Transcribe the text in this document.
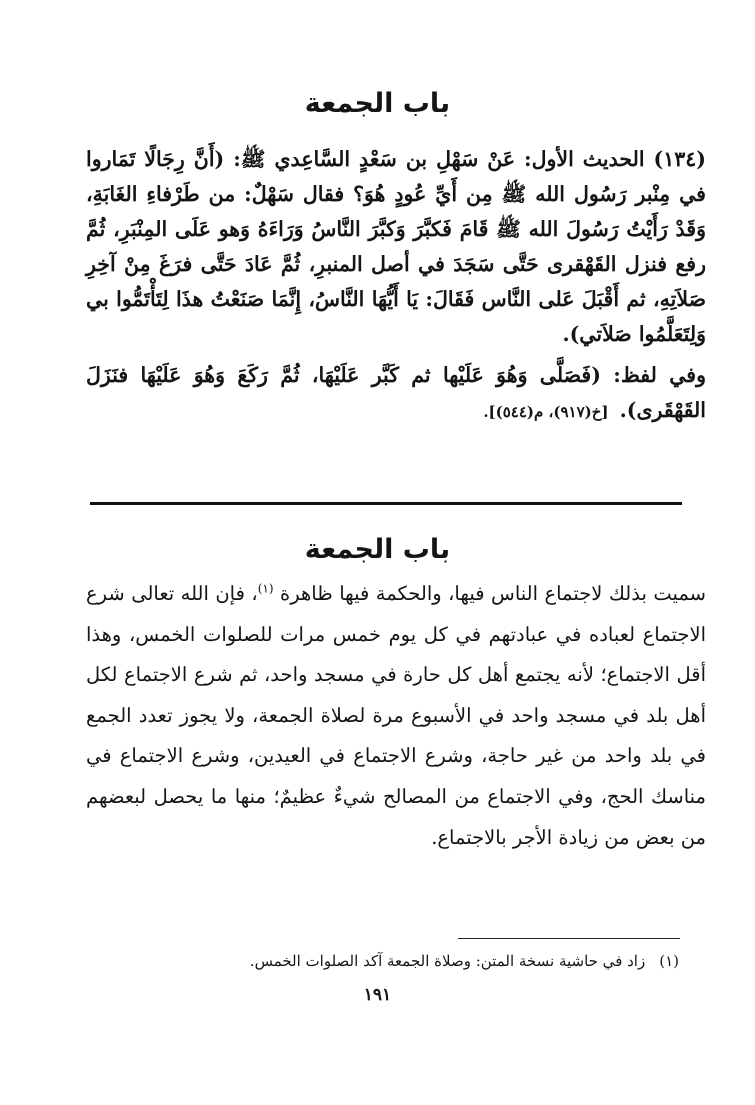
باب الجمعة

(١٣٤) الحديث الأول: عَنْ سَهْلِ بن سَعْدٍ السَّاعِدي ﷺ: (أَنَّ رِجَالًا تَمَاروا في مِنْبر رَسُول الله ﷺ مِن أَيِّ عُودٍ هُوَ؟ فقال سَهْلٌ: من طَرْفاءِ الغَابَةِ، وَقَدْ رَأَيْتُ رَسُولَ الله ﷺ قَامَ فَكبَّرَ وَكبَّرَ النَّاسُ وَرَاءَهُ وَهو عَلَى المِنْبَرِ، ثُمَّ رفع فنزل القَهْقرى حَتَّى سَجَدَ في أصل المنبرِ، ثُمَّ عَادَ حَتَّى فرَغَ مِنْ آخِرِ صَلاَتِهِ، ثم أَقْبَلَ عَلى النَّاس فَقَالَ: يَا أَيُّهَا النَّاسُ، إِنَّمَا صَنَعْتُ هذَا لِتَأْتَمُّوا بي وَلِتَعَلَّمُوا صَلاَتي).

وفي لفظ: (فَصَلَّى وَهُوَ عَلَيْها ثم كَبَّر عَلَيْهَا، ثُمَّ رَكَعَ وَهُوَ عَلَيْهَا فنَزَلَ القَهْقَرى). [خ(٩١٧)، م(٥٤٤)].

باب الجمعة

سميت بذلك لاجتماع الناس فيها، والحكمة فيها ظاهرة $^{(١)}$، فإن الله تعالى شرع الاجتماع لعباده في عبادتهم في كل يوم خمس مرات للصلوات الخمس، وهذا أقل الاجتماع؛ لأنه يجتمع أهل كل حارة في مسجد واحد، ثم شرع الاجتماع لكل أهل بلد في مسجد واحد في الأسبوع مرة لصلاة الجمعة، ولا يجوز تعدد الجمع في بلد واحد من غير حاجة، وشرع الاجتماع في العيدين، وشرع الاجتماع في مناسك الحج، وفي الاجتماع من المصالح شيءٌ عظيمٌ؛ منها ما يحصل لبعضهم من بعض من زيادة الأجر بالاجتماع.

(١)زاد في حاشية نسخة المتن: وصلاة الجمعة آكد الصلوات الخمس.
١٩١
